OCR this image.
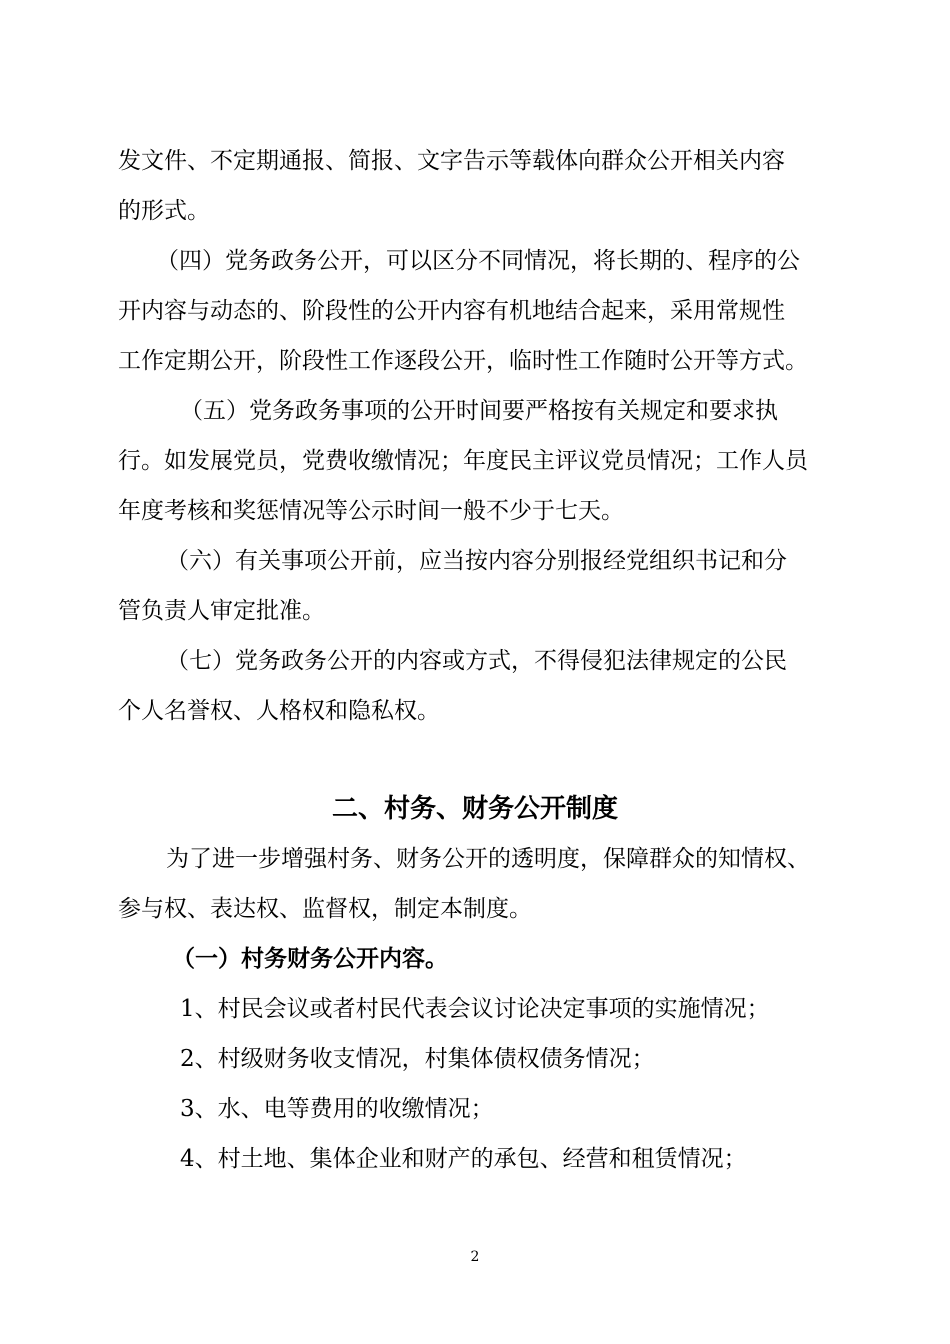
发文件、不定期通报、简报、文字告示等载体向群众公开相关内容
的形式。
（四）党务政务公开，可以区分不同情况，将长期的、程序的公
开内容与动态的、阶段性的公开内容有机地结合起来，采用常规性
工作定期公开，阶段性工作逐段公开，临时性工作随时公开等方式。
（五）党务政务事项的公开时间要严格按有关规定和要求执
行。如发展党员，党费收缴情况；年度民主评议党员情况；工作人员
年度考核和奖惩情况等公示时间一般不少于七天。
（六）有关事项公开前，应当按内容分别报经党组织书记和分
管负责人审定批准。
（七）党务政务公开的内容或方式，不得侵犯法律规定的公民
个人名誉权、人格权和隐私权。
二、村务、财务公开制度
为了进一步增强村务、财务公开的透明度，保障群众的知情权、
参与权、表达权、监督权，制定本制度。
（一）村务财务公开内容。
1、村民会议或者村民代表会议讨论决定事项的实施情况；
2、村级财务收支情况，村集体债权债务情况；
3、水、电等费用的收缴情况；
4、村土地、集体企业和财产的承包、经营和租赁情况；
2
